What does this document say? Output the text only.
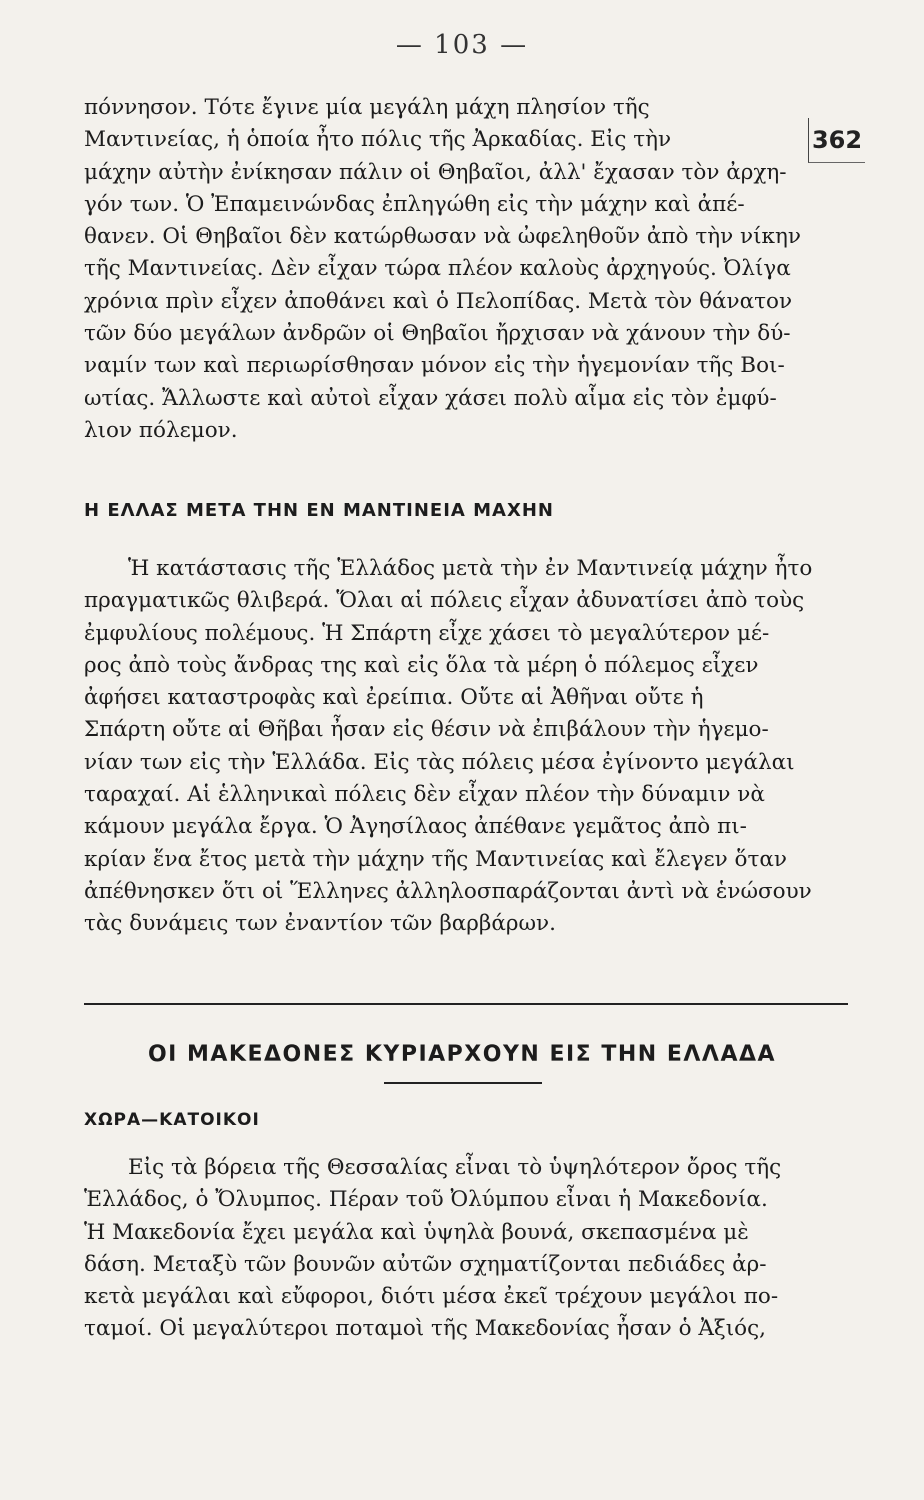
— 103 —
362

πόννησον. Τότε ἔγινε μία μεγάλη μάχη πλησίον τῆς

Μαντινείας, ἡ ὁποία ἦτο πόλις τῆς Ἀρκαδίας. Εἰς τὴν

μάχην αὐτὴν ἐνίκησαν πάλιν οἱ Θηβαῖοι, ἀλλ' ἔχασαν τὸν ἀρχη-

γόν των. Ὁ Ἐπαμεινώνδας ἐπληγώθη εἰς τὴν μάχην καὶ ἀπέ-

θανεν. Οἱ Θηβαῖοι δὲν κατώρθωσαν νὰ ὠφεληθοῦν ἀπὸ τὴν νίκην

τῆς Μαντινείας. Δὲν εἶχαν τώρα πλέον καλοὺς ἀρχηγούς. Ὀλίγα

χρόνια πρὶν εἶχεν ἀποθάνει καὶ ὁ Πελοπίδας. Μετὰ τὸν θάνατον

τῶν δύο μεγάλων ἀνδρῶν οἱ Θηβαῖοι ἤρχισαν νὰ χάνουν τὴν δύ-

ναμίν των καὶ περιωρίσθησαν μόνον εἰς τὴν ἡγεμονίαν τῆς Βοι-

ωτίας. Ἄλλωστε καὶ αὐτοὶ εἶχαν χάσει πολὺ αἷμα εἰς τὸν ἐμφύ-

λιον πόλεμον.

Η ΕΛΛΑΣ ΜΕΤΑ ΤΗΝ ΕΝ ΜΑΝΤΙΝΕΙΑ ΜΑΧΗΝ

Ἡ κατάστασις τῆς Ἑλλάδος μετὰ τὴν ἐν Μαντινείᾳ μάχην ἦτο

πραγματικῶς θλιβερά. Ὅλαι αἱ πόλεις εἶχαν ἀδυνατίσει ἀπὸ τοὺς

ἐμφυλίους πολέμους. Ἡ Σπάρτη εἶχε χάσει τὸ μεγαλύτερον μέ-

ρος ἀπὸ τοὺς ἄνδρας της καὶ εἰς ὅλα τὰ μέρη ὁ πόλεμος εἶχεν

ἀφήσει καταστροφὰς καὶ ἐρείπια. Οὔτε αἱ Ἀθῆναι οὔτε ἡ

Σπάρτη οὔτε αἱ Θῆβαι ἦσαν εἰς θέσιν νὰ ἐπιβάλουν τὴν ἡγεμο-

νίαν των εἰς τὴν Ἑλλάδα. Εἰς τὰς πόλεις μέσα ἐγίνοντο μεγάλαι

ταραχαί. Αἱ ἑλληνικαὶ πόλεις δὲν εἶχαν πλέον τὴν δύναμιν νὰ

κάμουν μεγάλα ἔργα. Ὁ Ἀγησίλαος ἀπέθανε γεμᾶτος ἀπὸ πι-

κρίαν ἕνα ἔτος μετὰ τὴν μάχην τῆς Μαντινείας καὶ ἔλεγεν ὅταν

ἀπέθνησκεν ὅτι οἱ Ἕλληνες ἀλληλοσπαράζονται ἀντὶ νὰ ἑνώσουν

τὰς δυνάμεις των ἐναντίον τῶν βαρβάρων.

ΟΙ ΜΑΚΕΔΟΝΕΣ ΚΥΡΙΑΡΧΟΥΝ ΕΙΣ ΤΗΝ ΕΛΛΑΔΑ
ΧΩΡΑ—ΚΑΤΟΙΚΟΙ

Εἰς τὰ βόρεια τῆς Θεσσαλίας εἶναι τὸ ὑψηλότερον ὄρος τῆς

Ἑλλάδος, ὁ Ὄλυμπος. Πέραν τοῦ Ὀλύμπου εἶναι ἡ Μακεδονία.

Ἡ Μακεδονία ἔχει μεγάλα καὶ ὑψηλὰ βουνά, σκεπασμένα μὲ

δάση. Μεταξὺ τῶν βουνῶν αὐτῶν σχηματίζονται πεδιάδες ἀρ-

κετὰ μεγάλαι καὶ εὔφοροι, διότι μέσα ἐκεῖ τρέχουν μεγάλοι πο-

ταμοί. Οἱ μεγαλύτεροι ποταμοὶ τῆς Μακεδονίας ἦσαν ὁ Ἀξιός,
